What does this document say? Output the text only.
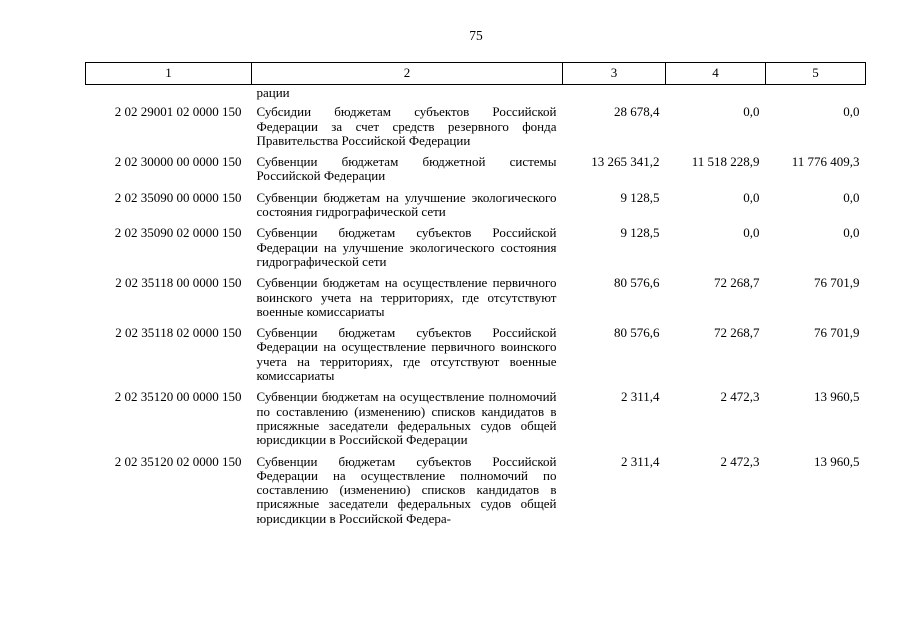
75
1	2	3	4	5
	рации			
2 02 29001 02 0000 150	Субсидии бюджетам субъектов Российской Федерации за счет средств резервного фонда Правительства Российской Федерации	28 678,4	0,0	0,0
2 02 30000 00 0000 150	Субвенции бюджетам бюджетной системы Российской Федерации	13 265 341,2	11 518 228,9	11 776 409,3
2 02 35090 00 0000 150	Субвенции бюджетам на улучшение экологического состояния гидрографической сети	9 128,5	0,0	0,0
2 02 35090 02 0000 150	Субвенции бюджетам субъектов Российской Федерации на улучшение экологического состояния гидрографической сети	9 128,5	0,0	0,0
2 02 35118 00 0000 150	Субвенции бюджетам на осуществление первичного воинского учета на территориях, где отсутствуют военные комиссариаты	80 576,6	72 268,7	76 701,9
2 02 35118 02 0000 150	Субвенции бюджетам субъектов Российской Федерации на осуществление первичного воинского учета на территориях, где отсутствуют военные комиссариаты	80 576,6	72 268,7	76 701,9
2 02 35120 00 0000 150	Субвенции бюджетам на осуществление полномочий по составлению (изменению) списков кандидатов в присяжные заседатели федеральных судов общей юрисдикции в Российской Федерации	2 311,4	2 472,3	13 960,5
2 02 35120 02 0000 150	Субвенции бюджетам субъектов Российской Федерации на осуществление полномочий по составлению (изменению) списков кандидатов в присяжные заседатели федеральных судов общей юрисдикции в Российской Федера-	2 311,4	2 472,3	13 960,5
